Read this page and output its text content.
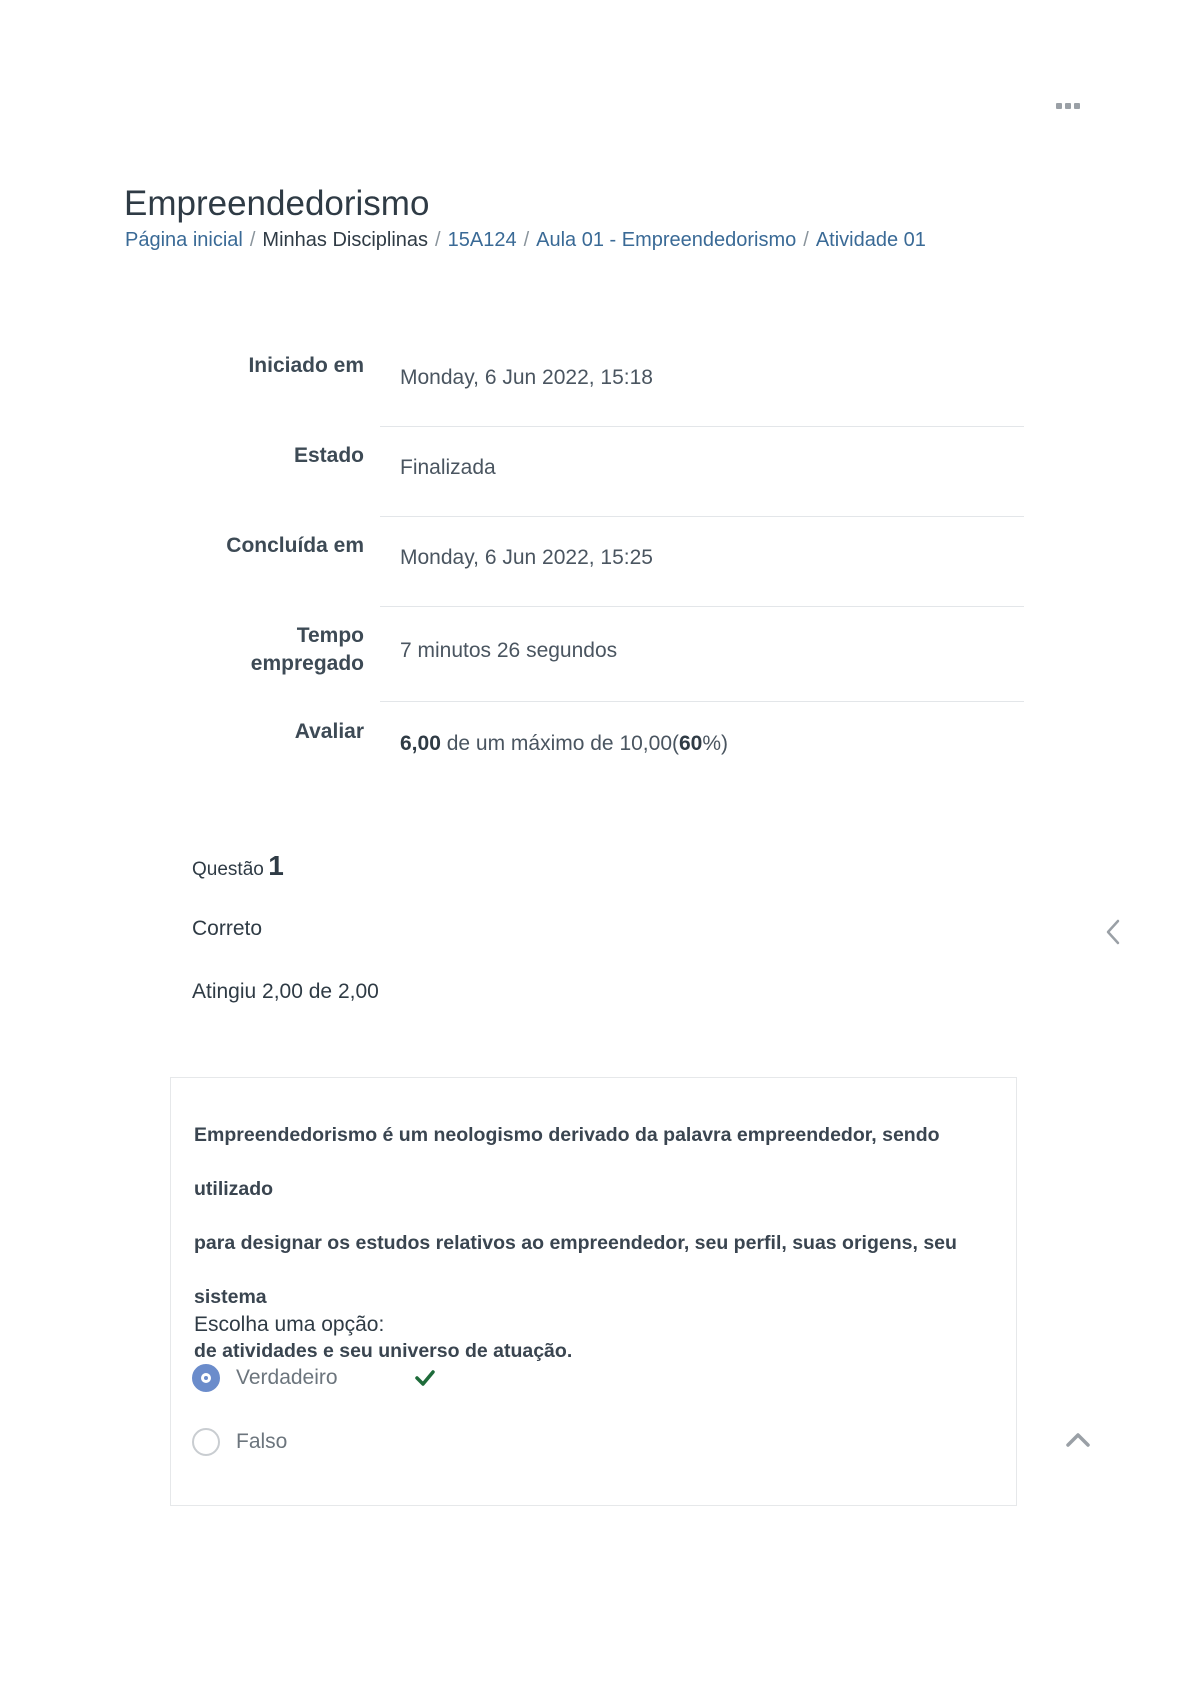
Empreendedorismo
Página inicial / Minhas Disciplinas / 15A124 / Aula 01 - Empreendedorismo / Atividade 01
Iniciado em
Monday, 6 Jun 2022, 15:18
Estado
Finalizada
Concluída em
Monday, 6 Jun 2022, 15:25
Tempo
empregado
7 minutos 26 segundos
Avaliar
6,00 de um máximo de 10,00(60%)
Questão 1
Correto
Atingiu 2,00 de 2,00
Empreendedorismo é um neologismo derivado da palavra empreendedor, sendo utilizado
para designar os estudos relativos ao empreendedor, seu perfil, suas origens, seu sistema
de atividades e seu universo de atuação.
Escolha uma opção:
Verdadeiro
Falso
